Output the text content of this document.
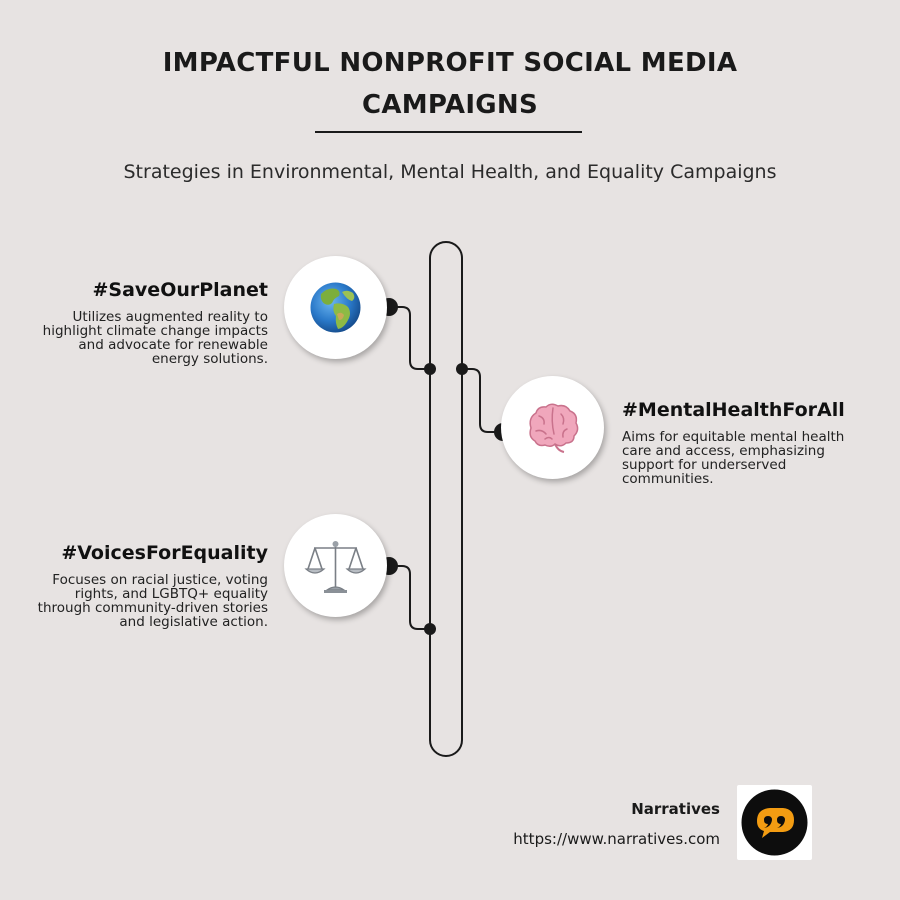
IMPACTFUL NONPROFIT SOCIAL MEDIA CAMPAIGNS
Strategies in Environmental, Mental Health, and Equality Campaigns
#SaveOurPlanet

Utilizes augmented reality to highlight climate change impacts and advocate for renewable energy solutions.

#MentalHealthForAll

Aims for equitable mental health care and access, emphasizing support for underserved communities.

#VoicesForEquality

Focuses on racial justice, voting rights, and LGBTQ+ equality through community-driven stories and legislative action.

Narratives
https://www.narratives.com
